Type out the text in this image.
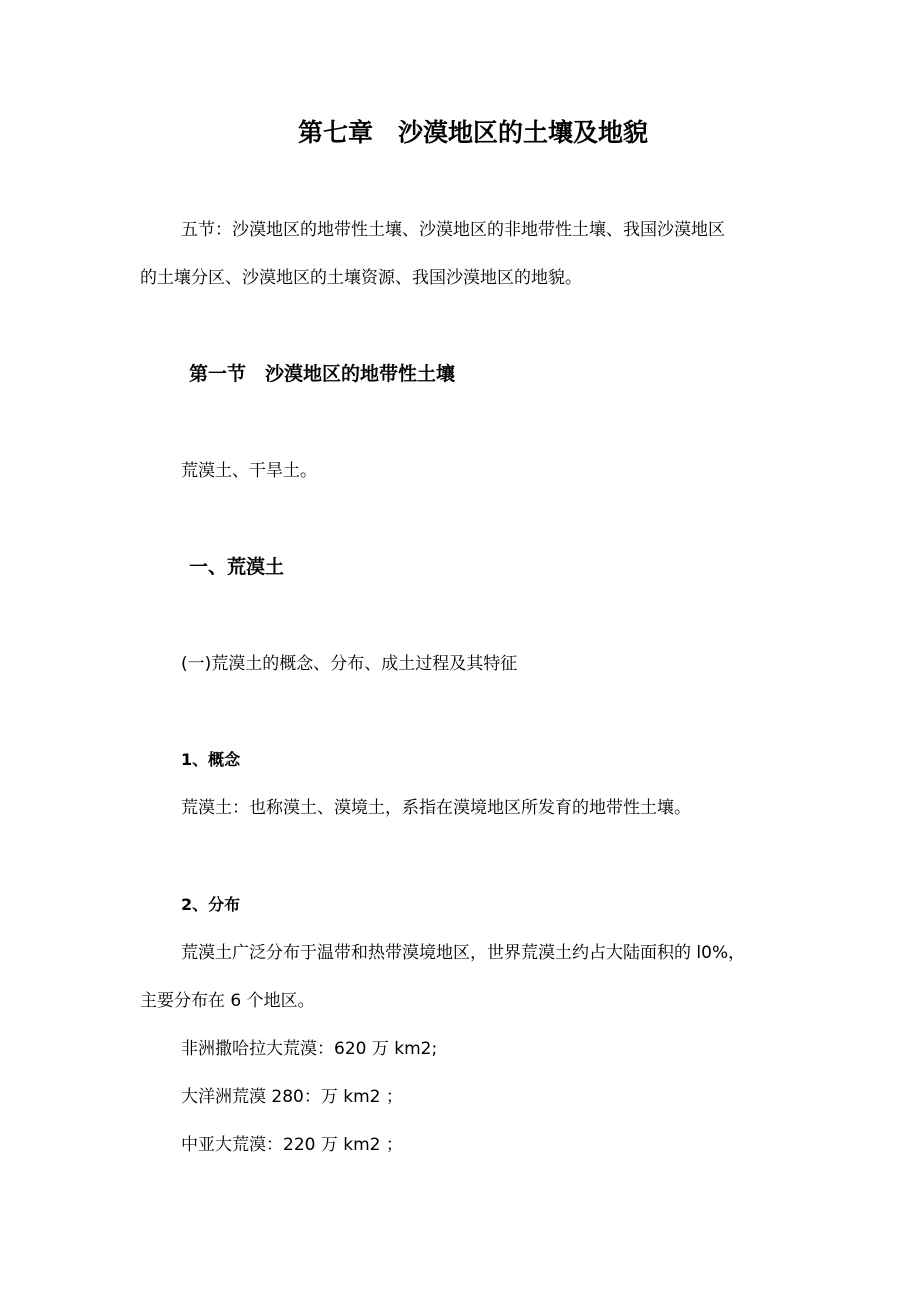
第七章　沙漠地区的土壤及地貌
五节：沙漠地区的地带性土壤、沙漠地区的非地带性土壤、我国沙漠地区
的土壤分区、沙漠地区的土壤资源、我国沙漠地区的地貌。
第一节　沙漠地区的地带性土壤
荒漠土、干旱土。
一、荒漠土
(一)荒漠土的概念、分布、成土过程及其特征
1、概念
荒漠土：也称漠土、漠境土，系指在漠境地区所发育的地带性土壤。
2、分布
荒漠土广泛分布于温带和热带漠境地区，世界荒漠土约占大陆面积的 l0%，
主要分布在 6 个地区。
非洲撒哈拉大荒漠：620 万 km2;
大洋洲荒漠 280：万 km2 ；
中亚大荒漠：220 万 km2 ；
